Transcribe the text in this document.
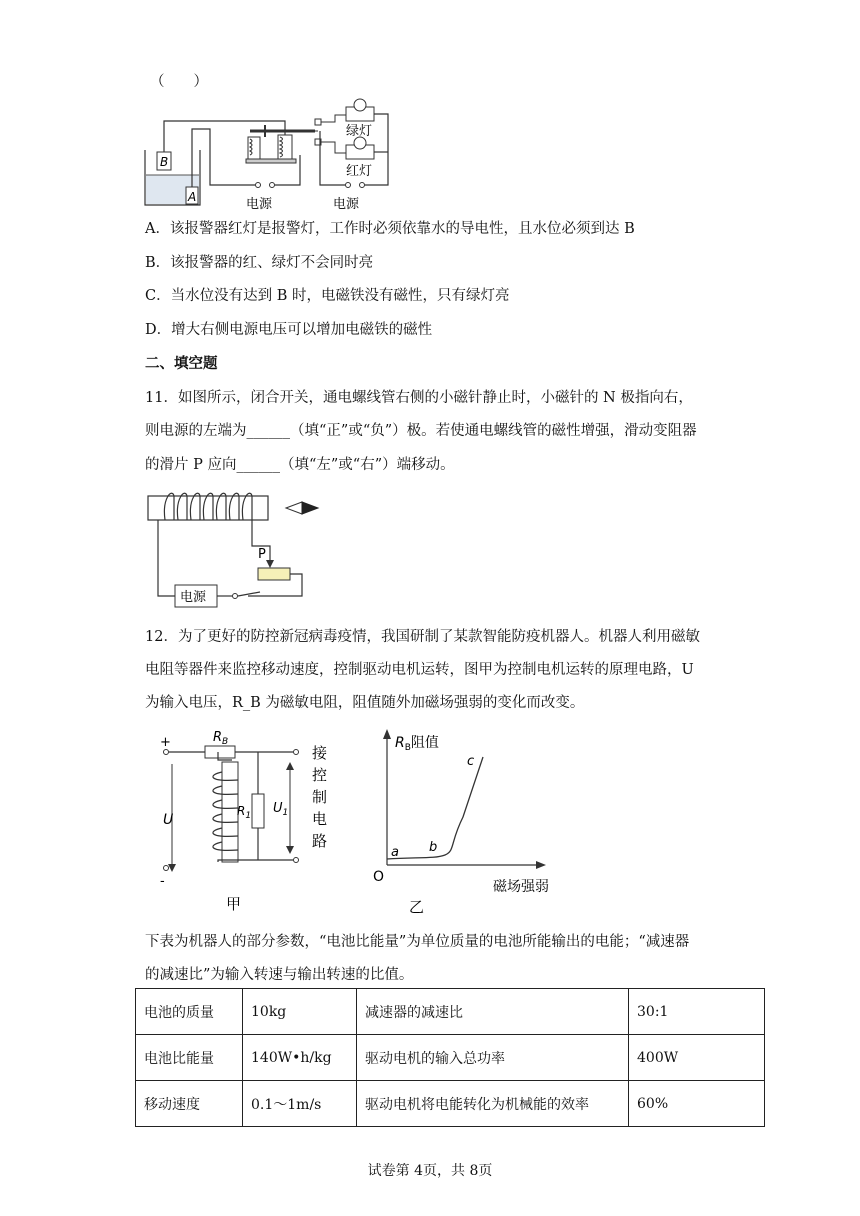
（　　）
B
A	电源
绿灯
红灯
电源
A．该报警器红灯是报警灯，工作时必须依靠水的导电性，且水位必须到达 B
B．该报警器的红、绿灯不会同时亮
C．当水位没有达到 B 时，电磁铁没有磁性，只有绿灯亮
D．增大右侧电源电压可以增加电磁铁的磁性
二、填空题
11．如图所示，闭合开关，通电螺线管右侧的小磁针静止时，小磁针的 N 极指向右，
则电源的左端为______（填“正”或“负”）极。若使通电螺线管的磁性增强，滑动变阻器
的滑片 P 应向______（填“左”或“右”）端移动。
P
电源
12．为了更好的防控新冠病毒疫情，我国研制了某款智能防疫机器人。机器人利用磁敏
电阻等器件来监控移动速度，控制驱动电机运转，图甲为控制电机运转的原理电路，U
为输入电压，R_B 为磁敏电阻，阻值随外加磁场强弱的变化而改变。
+	$R_B$
U
$R_1$
-
$U_1$
接
控
制
电
路
甲
$R_B$阻值
磁场强弱
O
a b
c
乙
下表为机器人的部分参数，“电池比能量”为单位质量的电池所能输出的电能；“减速器
的减速比”为输入转速与输出转速的比值。
电池的质量	10kg	减速器的减速比	30:1
电池比能量	140W•h/kg	驱动电机的输入总功率	400W
移动速度	0.1～1m/s	驱动电机将电能转化为机械能的效率	60%
试卷第 4页，共 8页
